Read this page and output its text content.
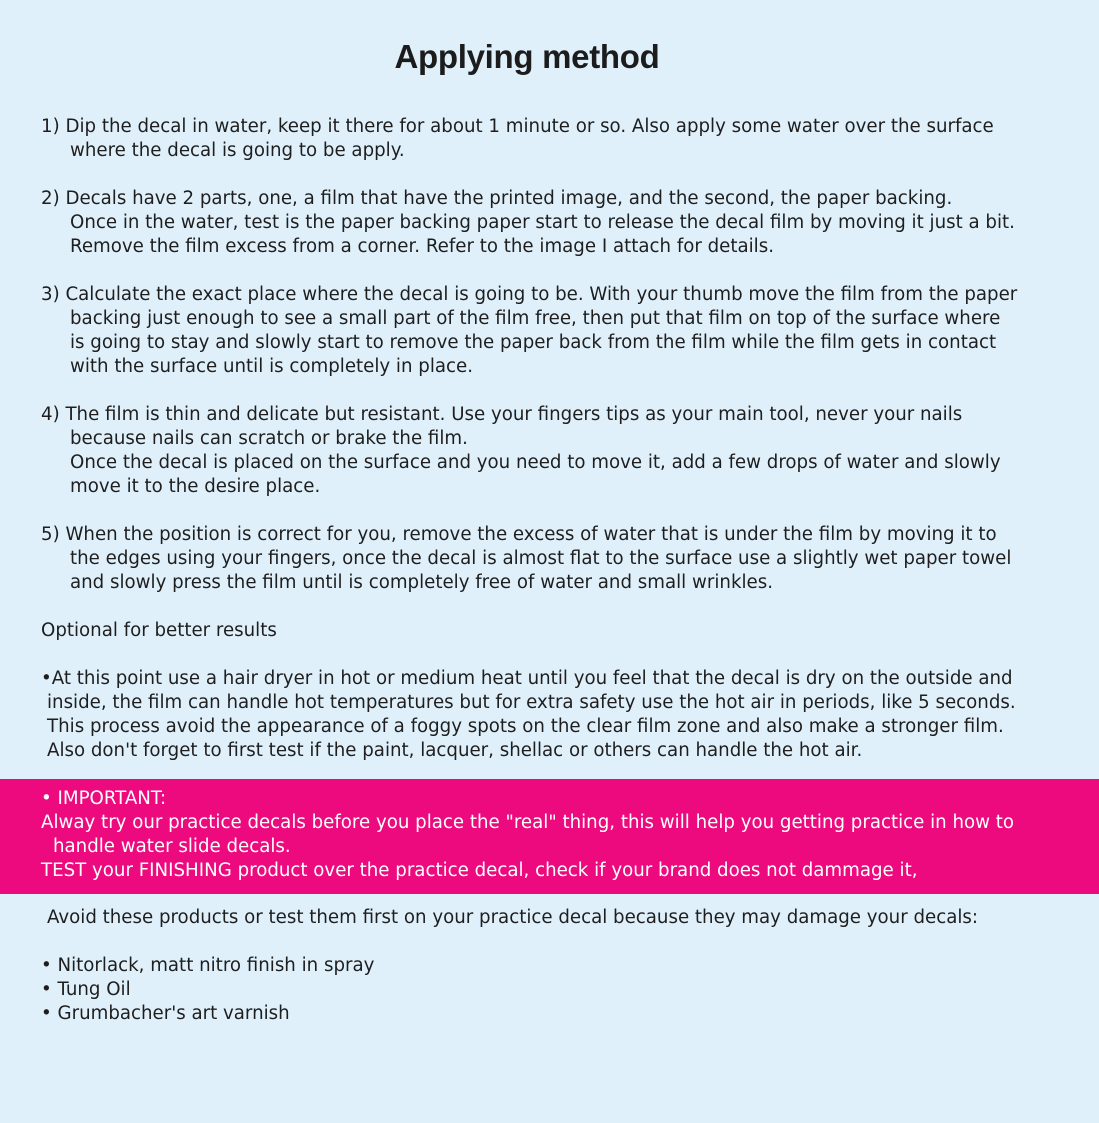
Applying method

1) Dip the decal in water, keep it there for about 1 minute or so. Also apply some water over the surface

where the decal is going to be apply.

2) Decals have 2 parts, one, a film that have the printed image, and the second, the paper backing.

Once in the water, test is the paper backing paper start to release the decal film by moving it just a bit.

Remove the film excess from a corner. Refer to the image I attach for details.

3) Calculate the exact place where the decal is going to be. With your thumb move the film from the paper

backing just enough to see a small part of the film free, then put that film on top of the surface where

is going to stay and slowly start to remove the paper back from the film while the film gets in contact

with the surface until is completely in place.

4) The film is thin and delicate but resistant. Use your fingers tips as your main tool, never your nails

because nails can scratch or brake the film.

Once the decal is placed on the surface and you need to move it, add a few drops of water and slowly

move it to the desire place.

5) When the position is correct for you, remove the excess of water that is under the film by moving it to

the edges using your fingers, once the decal is almost flat to the surface use a slightly wet paper towel

and slowly press the film until is completely free of water and small wrinkles.

Optional for better results

•At this point use a hair dryer in hot or medium heat until you feel that the decal is dry on the outside and

inside, the film can handle hot temperatures but for extra safety use the hot air in periods, like 5 seconds.

This process avoid the appearance of a foggy spots on the clear film zone and also make a stronger film.

Also don't forget to first test if the paint, lacquer, shellac or others can handle the hot air.

• IMPORTANT:

Alway try our practice decals before you place the "real" thing, this will help you getting practice in how to

handle water slide decals.

TEST your FINISHING product over the practice decal, check if your brand does not dammage it,

Avoid these products or test them first on your practice decal because they may damage your decals:

• Nitorlack, matt nitro finish in spray

• Tung Oil

• Grumbacher's art varnish
